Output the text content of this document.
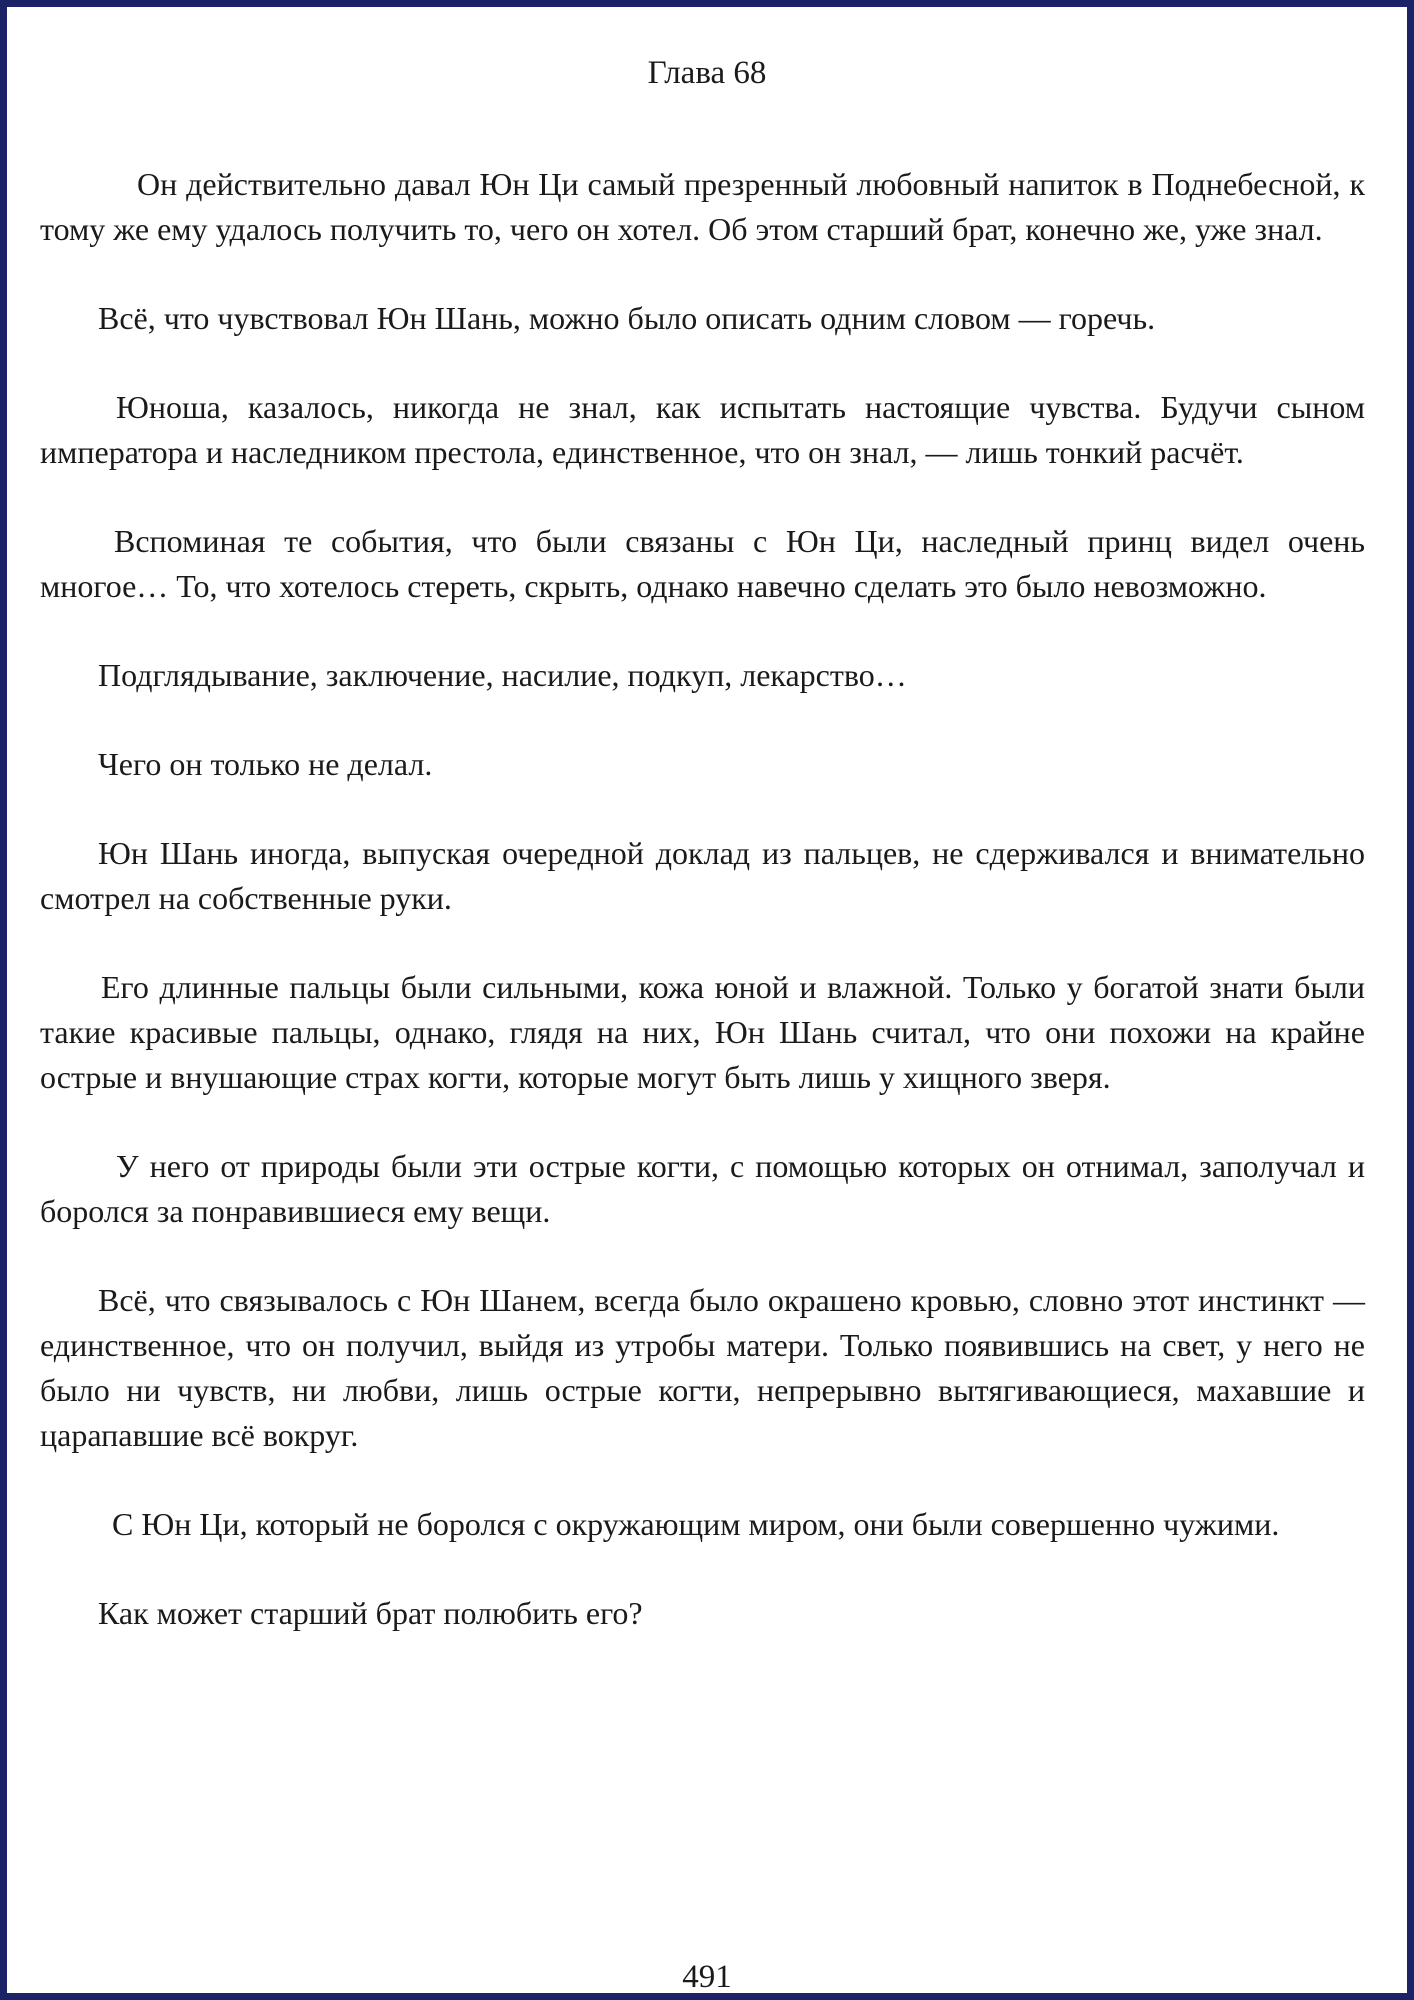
Глава 68

Он действительно давал Юн Ци самый презренный любовный напиток в Поднебесной, к тому же ему удалось получить то, чего он хотел. Об этом старший брат, конечно же, уже знал.

Всё, что чувствовал Юн Шань, можно было описать одним словом — горечь.

Юноша, казалось, никогда не знал, как испытать настоящие чувства. Будучи сыном императора и наследником престола, единственное, что он знал, — лишь тонкий расчёт.

Вспоминая те события, что были связаны с Юн Ци, наследный принц видел очень многое… То, что хотелось стереть, скрыть, однако навечно сделать это было невозможно.

Подглядывание, заключение, насилие, подкуп, лекарство…

Чего он только не делал.

Юн Шань иногда, выпуская очередной доклад из пальцев, не сдерживался и внимательно смотрел на собственные руки.

Его длинные пальцы были сильными, кожа юной и влажной. Только у богатой знати были такие красивые пальцы, однако, глядя на них, Юн Шань считал, что они похожи на крайне острые и внушающие страх когти, которые могут быть лишь у хищного зверя.

У него от природы были эти острые когти, с помощью которых он отнимал, заполучал и боролся за понравившиеся ему вещи.

Всё, что связывалось с Юн Шанем, всегда было окрашено кровью, словно этот инстинкт — единственное, что он получил, выйдя из утробы матери. Только появившись на свет, у него не было ни чувств, ни любви, лишь острые когти, непрерывно вытягивающиеся, махавшие и царапавшие всё вокруг.

С Юн Ци, который не боролся с окружающим миром, они были совершенно чужими.

Как может старший брат полюбить его?

491
